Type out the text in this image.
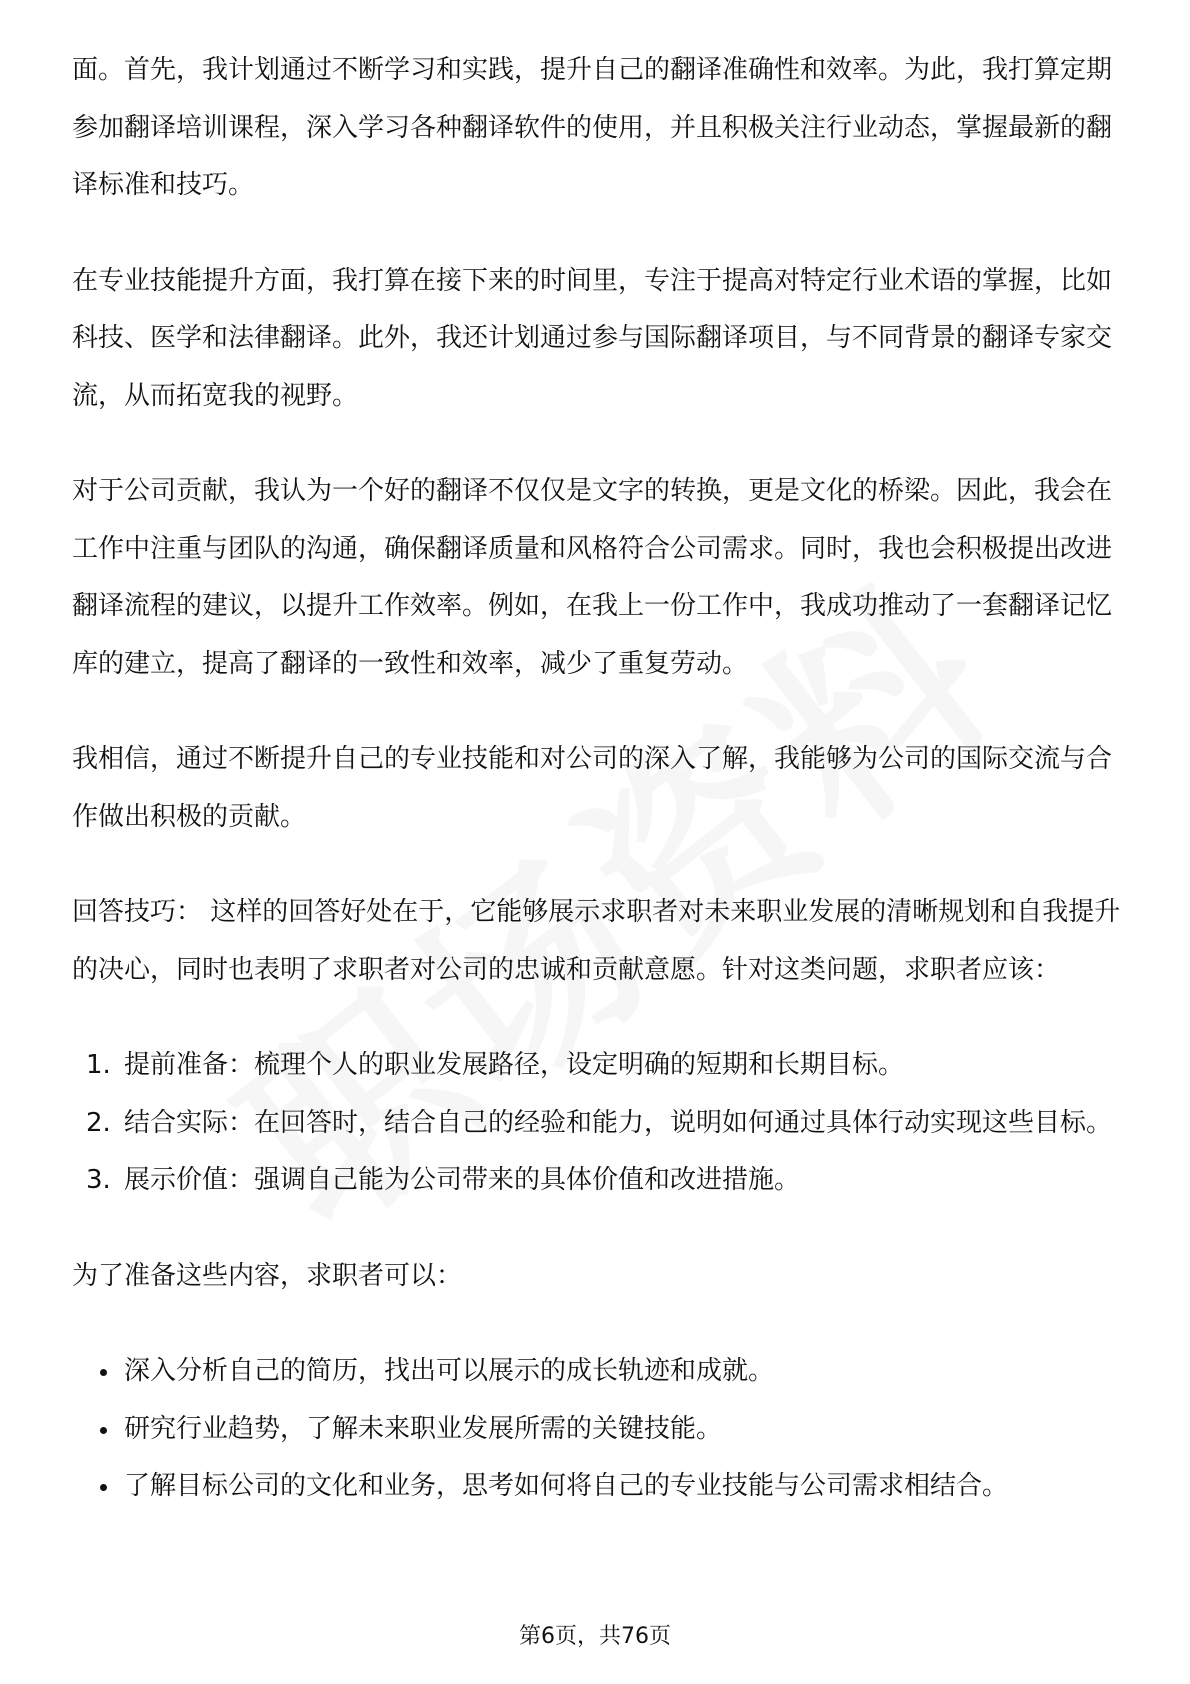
面。首先，我计划通过不断学习和实践，提升自己的翻译准确性和效率。为此，我打算定期参加翻译培训课程，深入学习各种翻译软件的使用，并且积极关注行业动态，掌握最新的翻译标准和技巧。

在专业技能提升方面，我打算在接下来的时间里，专注于提高对特定行业术语的掌握，比如科技、医学和法律翻译。此外，我还计划通过参与国际翻译项目，与不同背景的翻译专家交流，从而拓宽我的视野。

对于公司贡献，我认为一个好的翻译不仅仅是文字的转换，更是文化的桥梁。因此，我会在工作中注重与团队的沟通，确保翻译质量和风格符合公司需求。同时，我也会积极提出改进翻译流程的建议，以提升工作效率。例如，在我上一份工作中，我成功推动了一套翻译记忆库的建立，提高了翻译的一致性和效率，减少了重复劳动。

我相信，通过不断提升自己的专业技能和对公司的深入了解，我能够为公司的国际交流与合作做出积极的贡献。

回答技巧： 这样的回答好处在于，它能够展示求职者对未来职业发展的清晰规划和自我提升的决心，同时也表明了求职者对公司的忠诚和贡献意愿。针对这类问题，求职者应该：

1. 提前准备：梳理个人的职业发展路径，设定明确的短期和长期目标。
2. 结合实际：在回答时，结合自己的经验和能力，说明如何通过具体行动实现这些目标。
3. 展示价值：强调自己能为公司带来的具体价值和改进措施。

为了准备这些内容，求职者可以：

深入分析自己的简历，找出可以展示的成长轨迹和成就。
研究行业趋势，了解未来职业发展所需的关键技能。
了解目标公司的文化和业务，思考如何将自己的专业技能与公司需求相结合。
第6页，共76页
